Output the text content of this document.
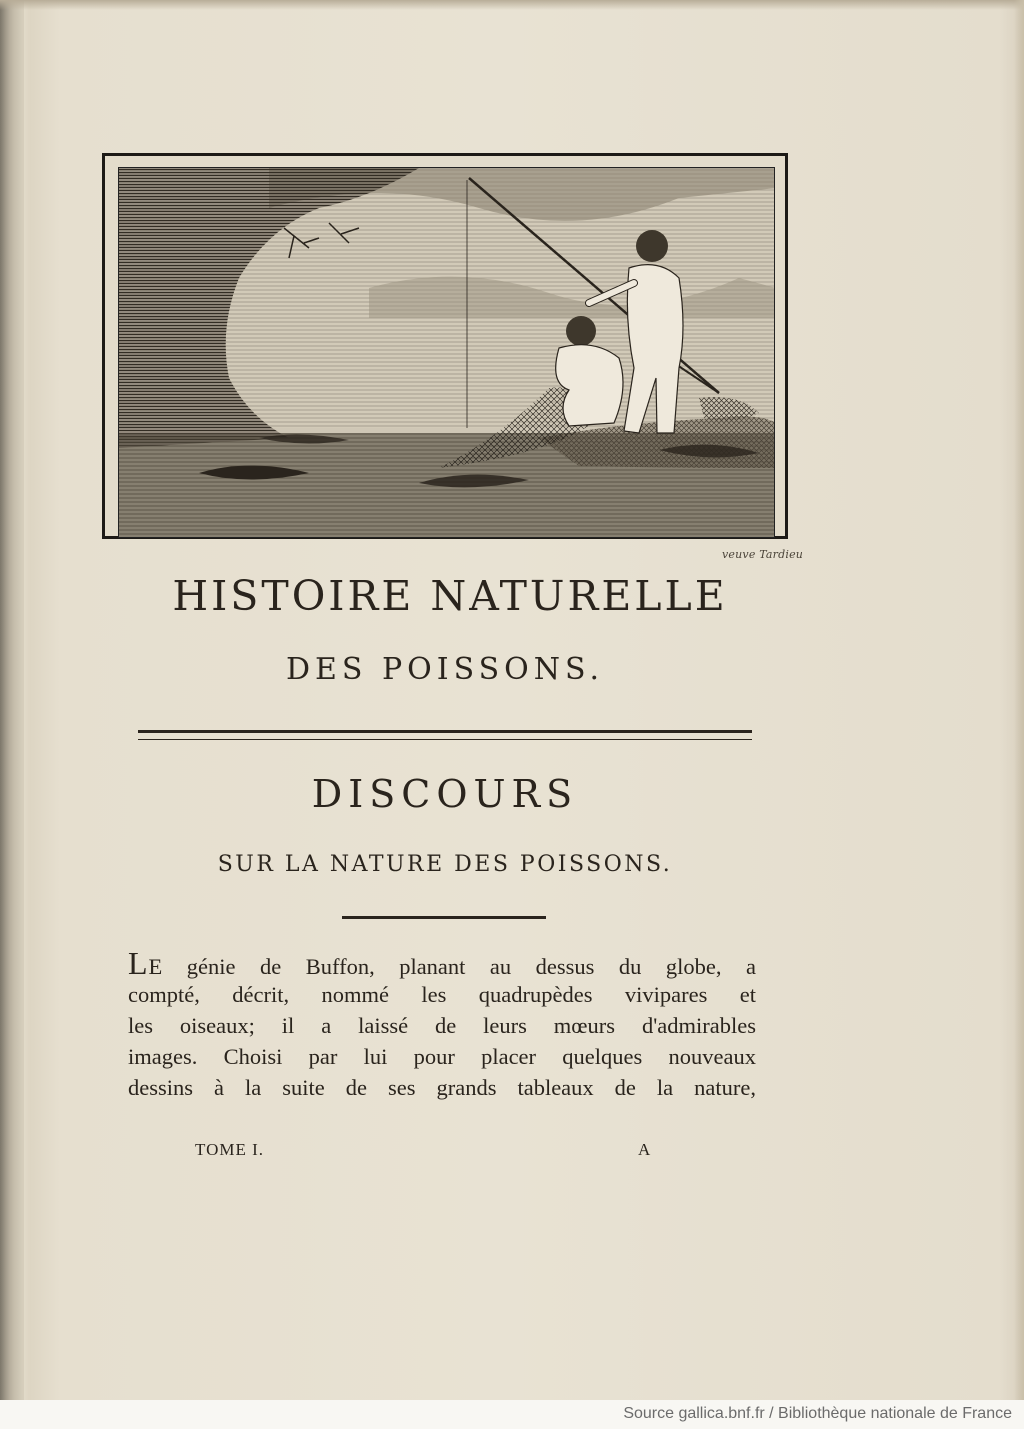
veuve Tardieu
HISTOIRE NATURELLE
DES POISSONS.
DISCOURS
SUR LA NATURE DES POISSONS.
LE génie de Buffon, planant au dessus du globe, a
compté, décrit, nommé les quadrupèdes vivipares et
les oiseaux; il a laissé de leurs mœurs d'admirables
images. Choisi par lui pour placer quelques nouveaux
dessins à la suite de ses grands tableaux de la nature,
TOME I.	A
Source gallica.bnf.fr / Bibliothèque nationale de France
